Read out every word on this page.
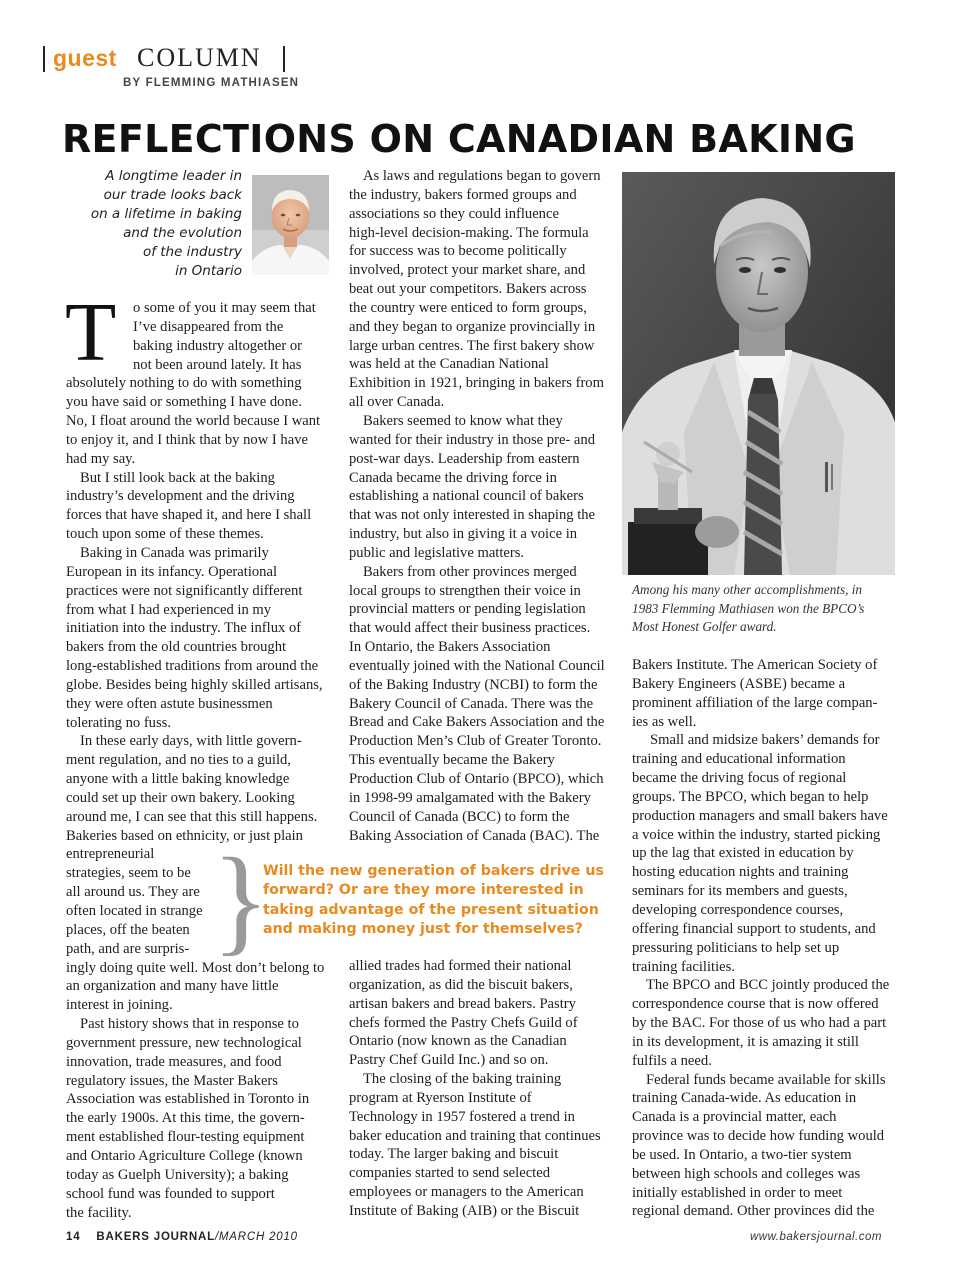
guest COLUMN
BY FLEMMING MATHIASEN
REFLECTIONS ON CANADIAN BAKING
A longtime leader in
our trade looks back
on a lifetime in baking
and the evolution
of the industry
in Ontario
T	o some of you it may seem that
I’ve disappeared from the
baking industry altogether or
not been around lately. It has
absolutely nothing to do with something
you have said or something I have done.
No, I float around the world because I want
to enjoy it, and I think that by now I have
had my say.
But I still look back at the baking
industry’s development and the driving
forces that have shaped it, and here I shall
touch upon some of these themes.
Baking in Canada was primarily
European in its infancy. Operational
practices were not significantly different
from what I had experienced in my
initiation into the industry. The influx of
bakers from the old countries brought
long-established traditions from around the
globe. Besides being highly skilled artisans,
they were often astute businessmen
tolerating no fuss.
In these early days, with little govern-
ment regulation, and no ties to a guild,
anyone with a little baking knowledge
could set up their own bakery. Looking
around me, I can see that this still happens.
Bakeries based on ethnicity, or just plain
entrepreneurial
strategies, seem to be
all around us. They are
often located in strange
places, off the beaten
path, and are surpris-
ingly doing quite well. Most don’t belong to
an organization and many have little
interest in joining.
Past history shows that in response to
government pressure, new technological
innovation, trade measures, and food
regulatory issues, the Master Bakers
Association was established in Toronto in
the early 1900s. At this time, the govern-
ment established flour-testing equipment
and Ontario Agriculture College (known
today as Guelph University); a baking
school fund was founded to support
the facility.
As laws and regulations began to govern
the industry, bakers formed groups and
associations so they could influence
high-level decision-making. The formula
for success was to become politically
involved, protect your market share, and
beat out your competitors. Bakers across
the country were enticed to form groups,
and they began to organize provincially in
large urban centres. The first bakery show
was held at the Canadian National
Exhibition in 1921, bringing in bakers from
all over Canada.
Bakers seemed to know what they
wanted for their industry in those pre- and
post-war days. Leadership from eastern
Canada became the driving force in
establishing a national council of bakers
that was not only interested in shaping the
industry, but also in giving it a voice in
public and legislative matters.
Bakers from other provinces merged
local groups to strengthen their voice in
provincial matters or pending legislation
that would affect their business practices.
In Ontario, the Bakers Association
eventually joined with the National Council
of the Baking Industry (NCBI) to form the
Bakery Council of Canada. There was the
Bread and Cake Bakers Association and the
Production Men’s Club of Greater Toronto.
This eventually became the Bakery
Production Club of Ontario (BPCO), which
in 1998-99 amalgamated with the Bakery
Council of Canada (BCC) to form the
Baking Association of Canada (BAC). The
}
Will the new generation of bakers drive us
forward? Or are they more interested in
taking advantage of the present situation
and making money just for themselves?
allied trades had formed their national
organization, as did the biscuit bakers,
artisan bakers and bread bakers. Pastry
chefs formed the Pastry Chefs Guild of
Ontario (now known as the Canadian
Pastry Chef Guild Inc.) and so on.
The closing of the baking training
program at Ryerson Institute of
Technology in 1957 fostered a trend in
baker education and training that continues
today. The larger baking and biscuit
companies started to send selected
employees or managers to the American
Institute of Baking (AIB) or the Biscuit
Among his many other accomplishments, in
1983 Flemming Mathiasen won the BPCO’s
Most Honest Golfer award.
Bakers Institute. The American Society of
Bakery Engineers (ASBE) became a
prominent affiliation of the large compan-
ies as well.
Small and midsize bakers’ demands for
training and educational information
became the driving focus of regional
groups. The BPCO, which began to help
production managers and small bakers have
a voice within the industry, started picking
up the lag that existed in education by
hosting education nights and training
seminars for its members and guests,
developing correspondence courses,
offering financial support to students, and
pressuring politicians to help set up
training facilities.
The BPCO and BCC jointly produced the
correspondence course that is now offered
by the BAC. For those of us who had a part
in its development, it is amazing it still
fulfils a need.
Federal funds became available for skills
training Canada-wide. As education in
Canada is a provincial matter, each
province was to decide how funding would
be used. In Ontario, a two-tier system
between high schools and colleges was
initially established in order to meet
regional demand. Other provinces did the
14 BAKERS JOURNAL/MARCH 2010	www.bakersjournal.com
